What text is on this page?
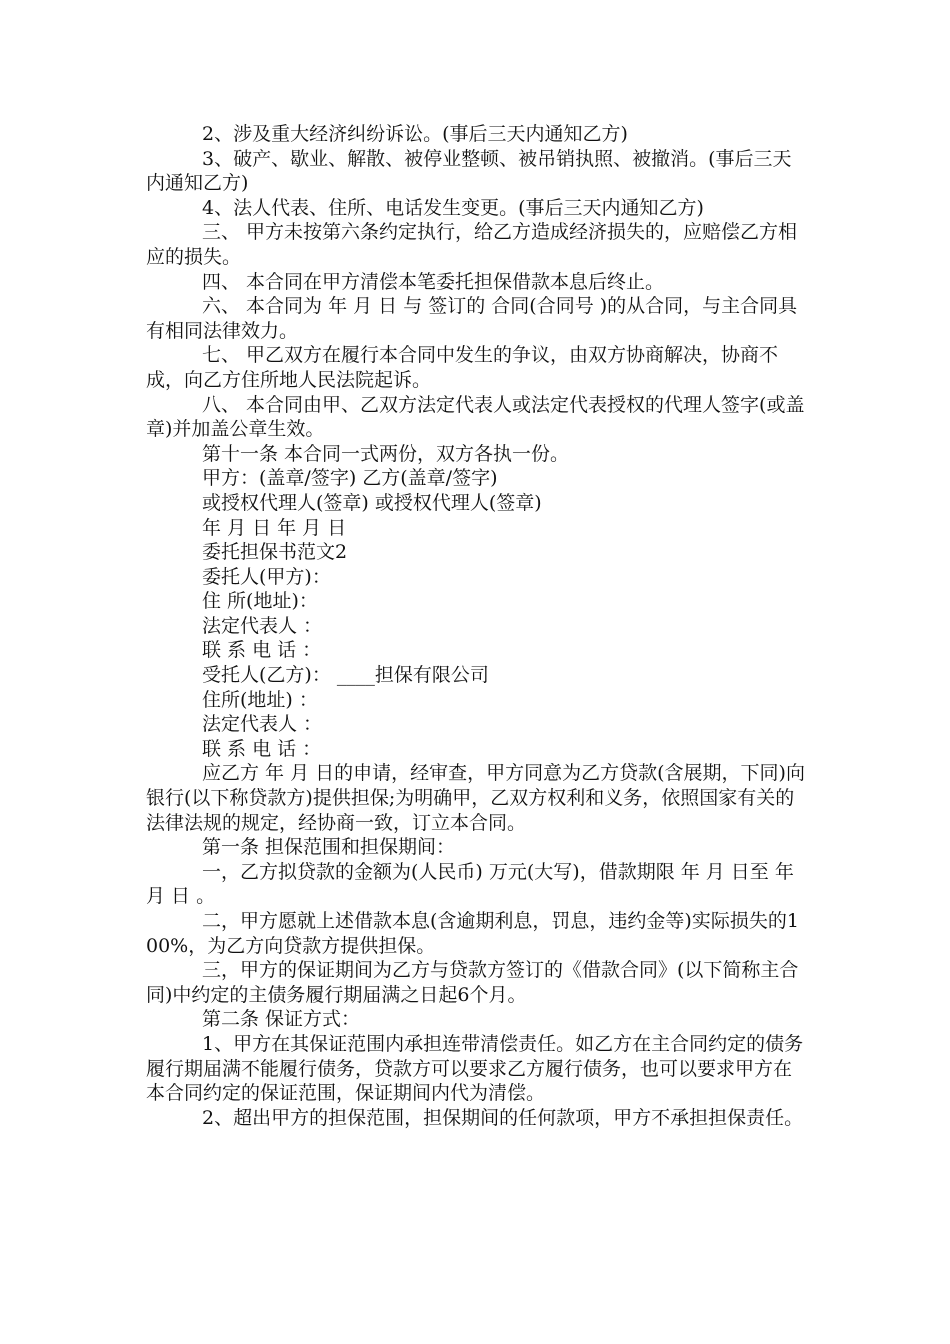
2、涉及重大经济纠纷诉讼。(事后三天内通知乙方)

3、破产、歇业、解散、被停业整顿、被吊销执照、被撤消。(事后三天内通知乙方)

4、法人代表、住所、电话发生变更。(事后三天内通知乙方)

三、 甲方未按第六条约定执行，给乙方造成经济损失的，应赔偿乙方相应的损失。

四、 本合同在甲方清偿本笔委托担保借款本息后终止。

六、 本合同为 年 月 日 与 签订的 合同(合同号 )的从合同，与主合同具有相同法律效力。

七、 甲乙双方在履行本合同中发生的争议，由双方协商解决，协商不成，向乙方住所地人民法院起诉。

八、 本合同由甲、乙双方法定代表人或法定代表授权的代理人签字(或盖章)并加盖公章生效。

第十一条 本合同一式两份，双方各执一份。

甲方：(盖章/签字) 乙方(盖章/签字)

或授权代理人(签章) 或授权代理人(签章)

年 月 日 年 月 日

委托担保书范文2

委托人(甲方)：

住 所(地址)：

法定代表人 ：

联 系 电 话 ：

受托人(乙方)： ____担保有限公司

住所(地址) ：

法定代表人 ：

联 系 电 话 ：

应乙方 年 月 日的申请，经审查，甲方同意为乙方贷款(含展期，下同)向银行(以下称贷款方)提供担保;为明确甲，乙双方权利和义务，依照国家有关的法律法规的规定，经协商一致，订立本合同。

第一条 担保范围和担保期间：

一，乙方拟贷款的金额为(人民币) 万元(大写)，借款期限 年 月 日至 年 月 日 。

二，甲方愿就上述借款本息(含逾期利息，罚息，违约金等)实际损失的100%，为乙方向贷款方提供担保。

三，甲方的保证期间为乙方与贷款方签订的《借款合同》(以下简称主合同)中约定的主债务履行期届满之日起6个月。

第二条 保证方式：

1、甲方在其保证范围内承担连带清偿责任。如乙方在主合同约定的债务履行期届满不能履行债务，贷款方可以要求乙方履行债务，也可以要求甲方在本合同约定的保证范围，保证期间内代为清偿。

2、超出甲方的担保范围，担保期间的任何款项，甲方不承担担保责任。
